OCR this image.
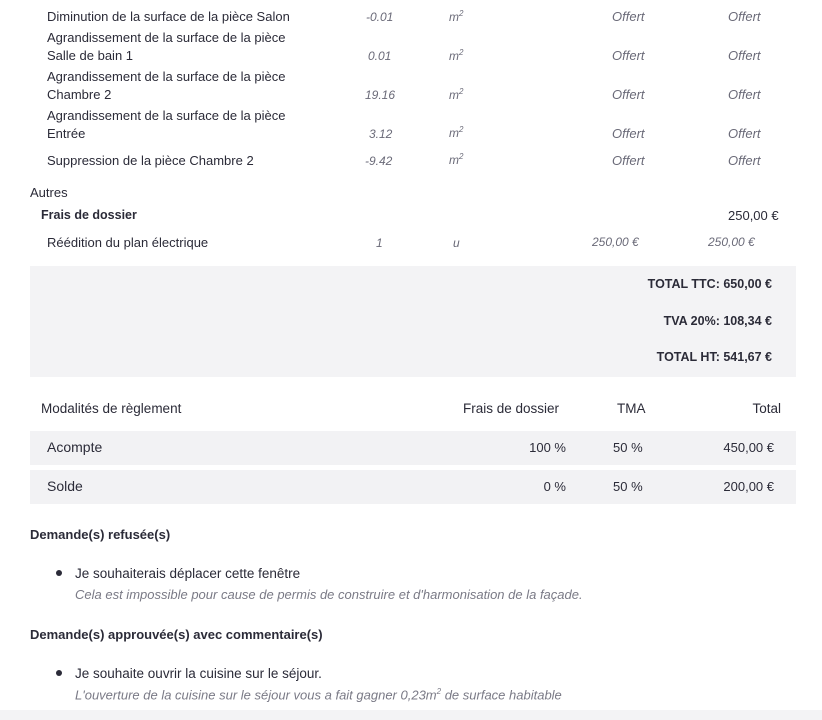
Diminution de la surface de la pièce Salon	-0.01	$m^2$	Offert	Offert
Agrandissement de la surface de la pièce
Salle de bain 1	0.01	$m^2$	Offert	Offert
Agrandissement de la surface de la pièce
Chambre 2	19.16	$m^2$	Offert	Offert
Agrandissement de la surface de la pièce
Entrée	3.12	$m^2$	Offert	Offert
Suppression de la pièce Chambre 2	-9.42	$m^2$	Offert	Offert
Autres
Frais de dossier	250,00 €
Réédition du plan électrique	1	u	250,00 €	250,00 €
TOTAL TTC: 650,00 €
TVA 20%: 108,34 €
TOTAL HT: 541,67 €
Modalités de règlement	Frais de dossier	TMA	Total
Acompte	100 %	50 %	450,00 €
Solde	0 %	50 %	200,00 €
Demande(s) refusée(s)
Je souhaiterais déplacer cette fenêtre
Cela est impossible pour cause de permis de construire et d'harmonisation de la façade.
Demande(s) approuvée(s) avec commentaire(s)
Je souhaite ouvrir la cuisine sur le séjour.
L'ouverture de la cuisine sur le séjour vous a fait gagner $0,23m^2$ de surface habitable
